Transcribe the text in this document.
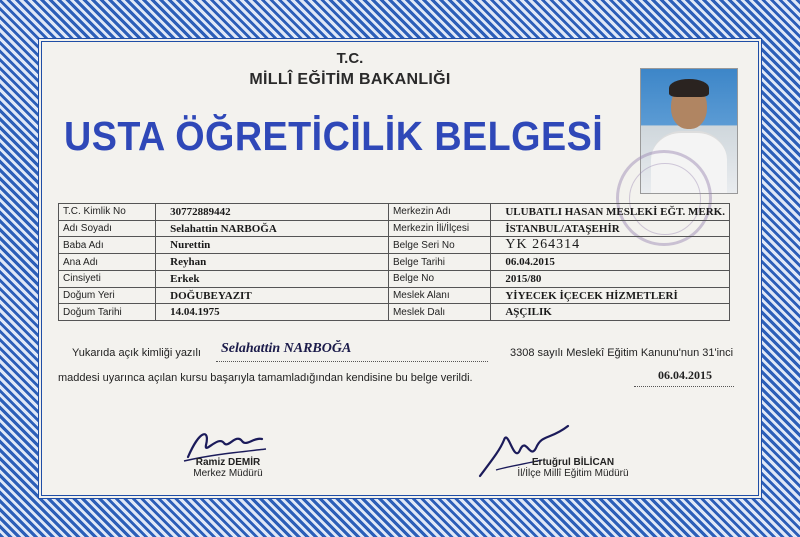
T.C.
MİLLÎ EĞİTİM BAKANLIĞI
USTA ÖĞRETİCİLİK BELGESİ
T.C. Kimlik No	30772889442	Merkezin Adı	ULUBATLI HASAN MESLEKİ EĞT. MERK.
Adı Soyadı	Selahattin NARBOĞA	Merkezin İli/İlçesi	İSTANBUL/ATAŞEHİR
Baba Adı	Nurettin	Belge Seri No	YK 264314
Ana Adı	Reyhan	Belge Tarihi	06.04.2015
Cinsiyeti	Erkek	Belge No	2015/80
Doğum Yeri	DOĞUBEYAZIT	Meslek Alanı	YİYECEK İÇECEK HİZMETLERİ
Doğum Tarihi	14.04.1975	Meslek Dalı	AŞÇILIK
Yukarıda açık kimliği yazılı Selahattin NARBOĞA	3308 sayılı Meslekî Eğitim Kanunu'nun 31'inci
maddesi uyarınca açılan kursu başarıyla tamamladığından kendisine bu belge verildi.	06.04.2015
Ramiz DEMİR
Merkez Müdürü
Ertuğrul BİLİCAN
İl/İlçe Millî Eğitim Müdürü
